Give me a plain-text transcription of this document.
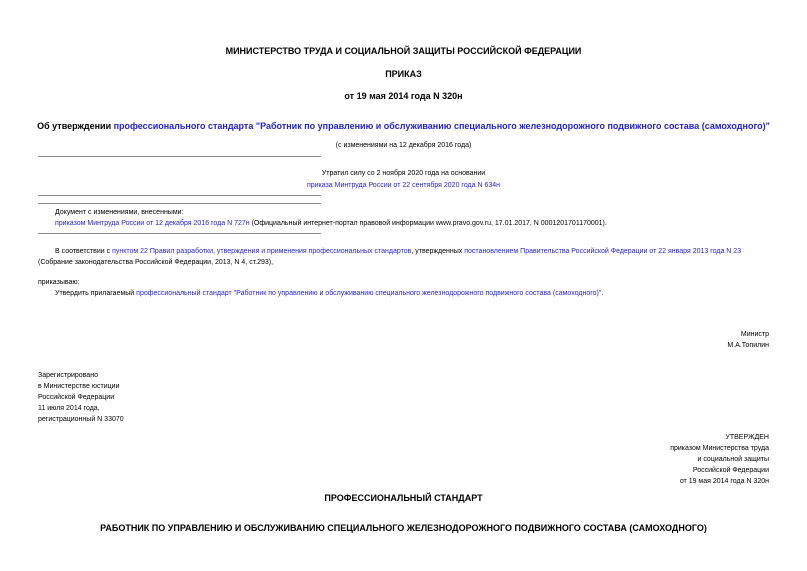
МИНИСТЕРСТВО ТРУДА И СОЦИАЛЬНОЙ ЗАЩИТЫ РОССИЙСКОЙ ФЕДЕРАЦИИ
ПРИКАЗ
от 19 мая 2014 года N 320н
Об утверждении профессионального стандарта "Работник по управлению и обслуживанию специального железнодорожного подвижного состава (самоходного)"
(с изменениями на 12 декабря 2016 года)
Утратил силу со 2 ноября 2020 года на основании
приказа Минтруда России от 22 сентября 2020 года N 634н
Документ с изменениями, внесенными:
приказом Минтруда России от 12 декабря 2016 года N 727н (Официальный интернет-портал правовой информации www.pravo.gov.ru, 17.01.2017, N 0001201701170001).
В соответствии с пунктом 22 Правил разработки, утверждения и применения профессиональных стандартов, утвержденных постановлением Правительства Российской Федерации от 22 января 2013 года N 23
(Собрание законодательства Российской Федерации, 2013, N 4, ст.293),
приказываю:
Утвердить прилагаемый профессиональный стандарт "Работник по управлению и обслуживанию специального железнодорожного подвижного состава (самоходного)".
Министр
М.А.Топилин
Зарегистрировано
в Министерстве юстиции
Российской Федерации
11 июля 2014 года,
регистрационный N 33070
УТВЕРЖДЕН
приказом Министерства труда
и социальной защиты
Российской Федерации
от 19 мая 2014 года N 320н
ПРОФЕССИОНАЛЬНЫЙ СТАНДАРТ
РАБОТНИК ПО УПРАВЛЕНИЮ И ОБСЛУЖИВАНИЮ СПЕЦИАЛЬНОГО ЖЕЛЕЗНОДОРОЖНОГО ПОДВИЖНОГО СОСТАВА (САМОХОДНОГО)
